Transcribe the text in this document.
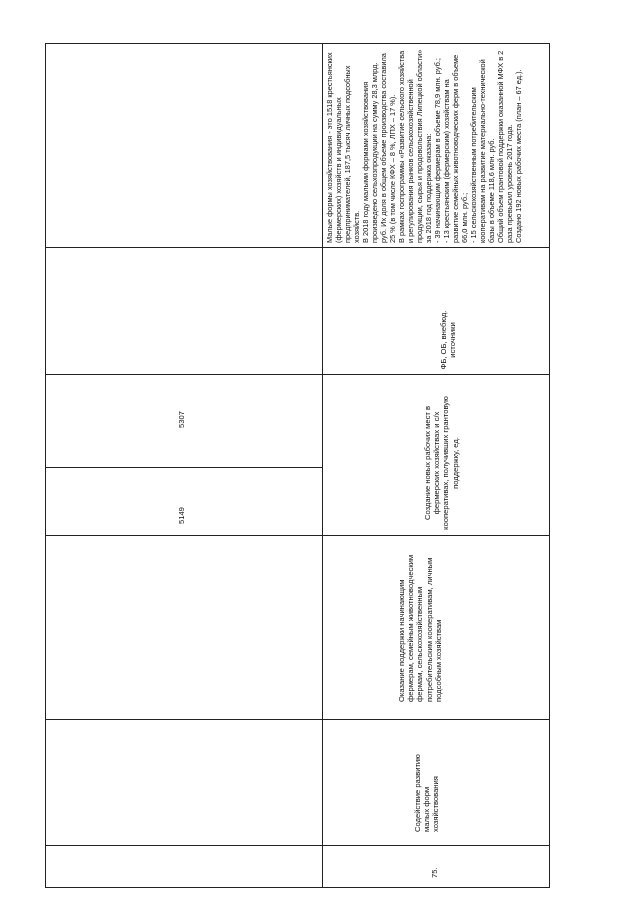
5149
5307
75.
Содействие развитию малых форм хозяйствования
Оказание поддержки начинающим фермерам, семейным животноводческим фермам, сельскохозяйственным потребительским кооперативам, личным подсобным хозяйствам
Создание новых рабочих мест в фермерских хозяйствах и с/х кооперативах, получивших грантовую поддержку, ед.
ФБ, ОБ, внебюд. источники
Малые формы хозяйствования - это 1518 крестьянских (фермерских) хозяйств и индивидуальных предпринимателей, 187,5 тысяч личных подсобных хозяйств. В 2018 году малыми формами хозяйствования произведено сельхозпродукции на сумму 28,3 млрд. руб. Их доля в общем объеме производства составила 25 % (в том числе КФХ – 8 %, ЛПХ – 17 %). В рамках госпрограммы «Развитие сельского хозяйства и регулирования рынков сельскохозяйственной продукции, сырья и продовольствия Липецкой области» за 2018 год поддержка оказана: - 39 начинающим фермерам в объеме 78,9 млн. руб.; - 13 крестьянским (фермерским) хозяйствам на развитие семейных животноводческих ферм в объеме 66,0 млн. руб.; - 15 сельскохозяйственным потребительским кооперативам на развитие материально-технической базы в объеме 118,6 млн. руб. Общий объем грантовой поддержки оказанной МФХ в 2 раза превысил уровень 2017 года. Создано 192 новых рабочих места (план – 67 ед.).
